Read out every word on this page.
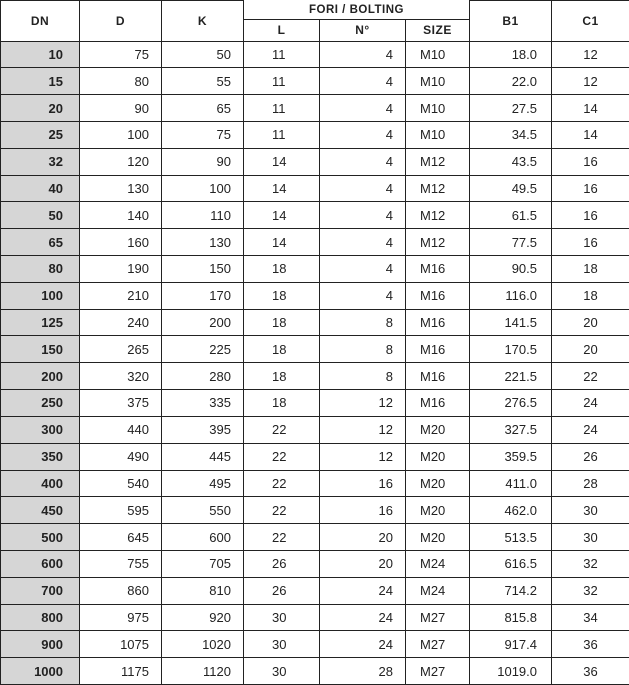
DN	D	K	FORI / BOLTING			B1	C1
			L	N°	SIZE		
10	75	50	11	4	M10	18.0	12
15	80	55	11	4	M10	22.0	12
20	90	65	11	4	M10	27.5	14
25	100	75	11	4	M10	34.5	14
32	120	90	14	4	M12	43.5	16
40	130	100	14	4	M12	49.5	16
50	140	110	14	4	M12	61.5	16
65	160	130	14	4	M12	77.5	16
80	190	150	18	4	M16	90.5	18
100	210	170	18	4	M16	116.0	18
125	240	200	18	8	M16	141.5	20
150	265	225	18	8	M16	170.5	20
200	320	280	18	8	M16	221.5	22
250	375	335	18	12	M16	276.5	24
300	440	395	22	12	M20	327.5	24
350	490	445	22	12	M20	359.5	26
400	540	495	22	16	M20	411.0	28
450	595	550	22	16	M20	462.0	30
500	645	600	22	20	M20	513.5	30
600	755	705	26	20	M24	616.5	32
700	860	810	26	24	M24	714.2	32
800	975	920	30	24	M27	815.8	34
900	1075	1020	30	24	M27	917.4	36
1000	1175	1120	30	28	M27	1019.0	36
